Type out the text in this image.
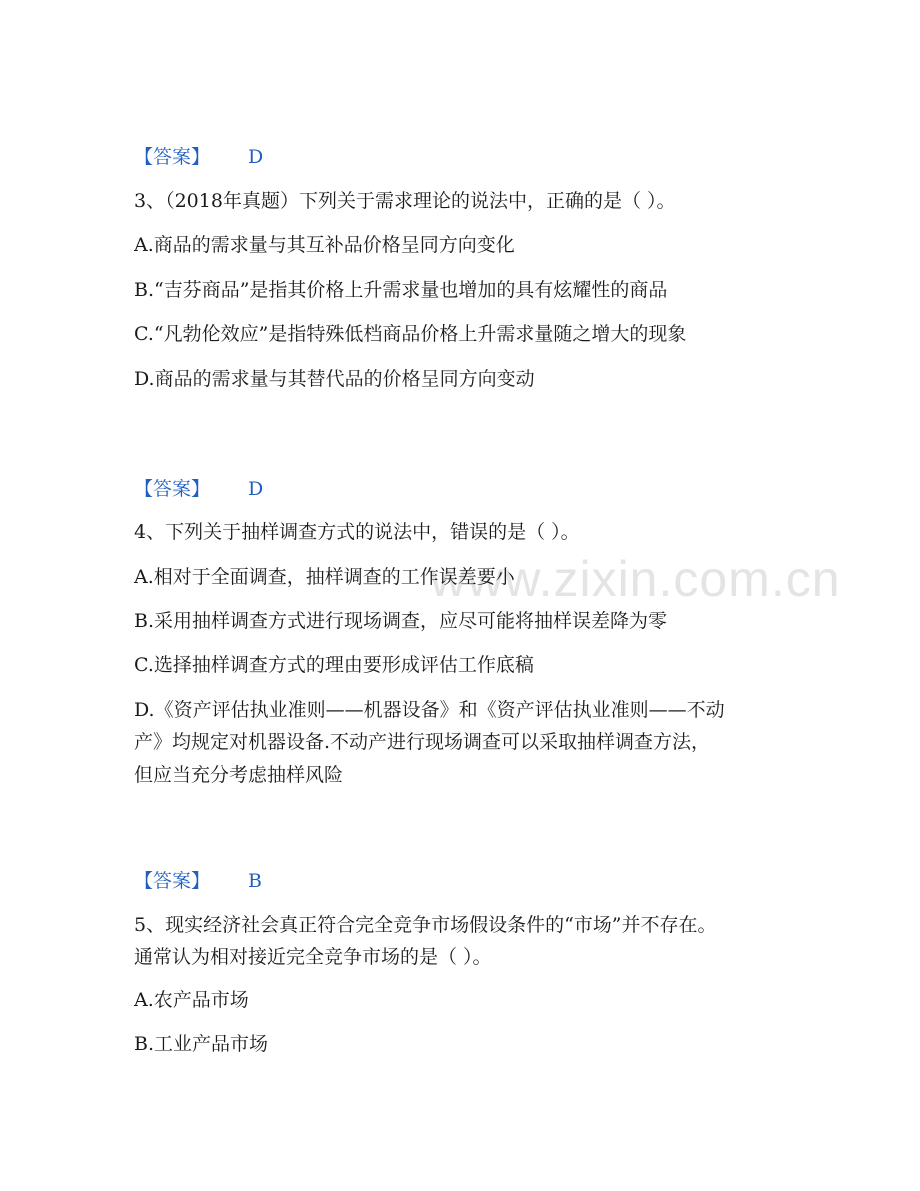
www.zixin.com.cn
【答案】 D
3、（2018年真题）下列关于需求理论的说法中，正确的是（ ）。
A.商品的需求量与其互补品价格呈同方向变化
B.“吉芬商品”是指其价格上升需求量也增加的具有炫耀性的商品
C.“凡勃伦效应”是指特殊低档商品价格上升需求量随之增大的现象
D.商品的需求量与其替代品的价格呈同方向变动
【答案】 D
4、下列关于抽样调查方式的说法中，错误的是（ ）。
A.相对于全面调查，抽样调查的工作误差要小
B.采用抽样调查方式进行现场调查，应尽可能将抽样误差降为零
C.选择抽样调查方式的理由要形成评估工作底稿
D.《资产评估执业准则——机器设备》和《资产评估执业准则——不动
产》均规定对机器设备.不动产进行现场调查可以采取抽样调查方法，
但应当充分考虑抽样风险
【答案】 B
5、现实经济社会真正符合完全竞争市场假设条件的“市场”并不存在。
通常认为相对接近完全竞争市场的是（ ）。
A.农产品市场
B.工业产品市场
